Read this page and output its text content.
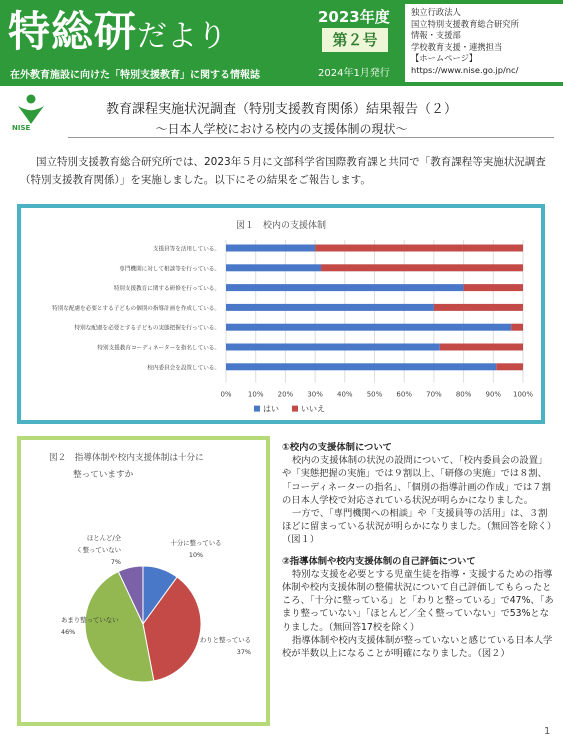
特総研だより
在外教育施設に向けた「特別支援教育」に関する情報誌
2023年度
第２号
2024年1月発行
独立行政法人
国立特別支援教育総合研究所
情報・支援部
学校教育支援・連携担当
【ホームページ】
https://www.nise.go.jp/nc/
NISE
教育課程実施状況調査（特別支援教育関係）結果報告（２）
～日本人学校における校内の支援体制の現状～
国立特別支援教育総合研究所では、2023年５月に文部科学省国際教育課と共同で「教育課程等実施状況調査（特別支援教育関係）」を実施しました。以下にその結果をご報告します。
図１　校内の支援体制
0% 10% 20% 30% 40% 50% 60% 70% 80% 90% 100%
支援員等を活用している。
専門機関に対して相談等を行っている。
特別支援教育に関する研修を行っている。
特別な配慮を必要とする子どもの個別の指導計画を作成している。
特別な配慮を必要とする子どもの実態把握を行っている。
特別支援教育コーディネーターを指名している。
校内委員会を設置している。
はい	いいえ
図２　指導体制や校内支援体制は十分に
整っていますか
十分に整っている
10%
わりと整っている
37%
あまり整っていない
46%
ほとんど/全
く整っていない
7%

①校内の支援体制について

校内の支援体制の状況の設問について、「校内委員会の設置」や「実態把握の実施」では９割以上、「研修の実施」では８割、「コーディネーターの指名」、「個別の指導計画の作成」では７割の日本人学校で対応されている状況が明らかになりました。

一方で、「専門機関への相談」や「支援員等の活用」は、３割ほどに留まっている状況が明らかになりました。（無回答を除く）（図１）

②指導体制や校内支援体制の自己評価について

特別な支援を必要とする児童生徒を指導・支援するための指導体制や校内支援体制の整備状況について自己評価してもらったところ、「十分に整っている」と「わりと整っている」で47%、「あまり整っていない」「ほとんど／全く整っていない」で53%となりました。（無回答17校を除く）

指導体制や校内支援体制が整っていないと感じている日本人学校が半数以上になることが明確になりました。（図２）

1
